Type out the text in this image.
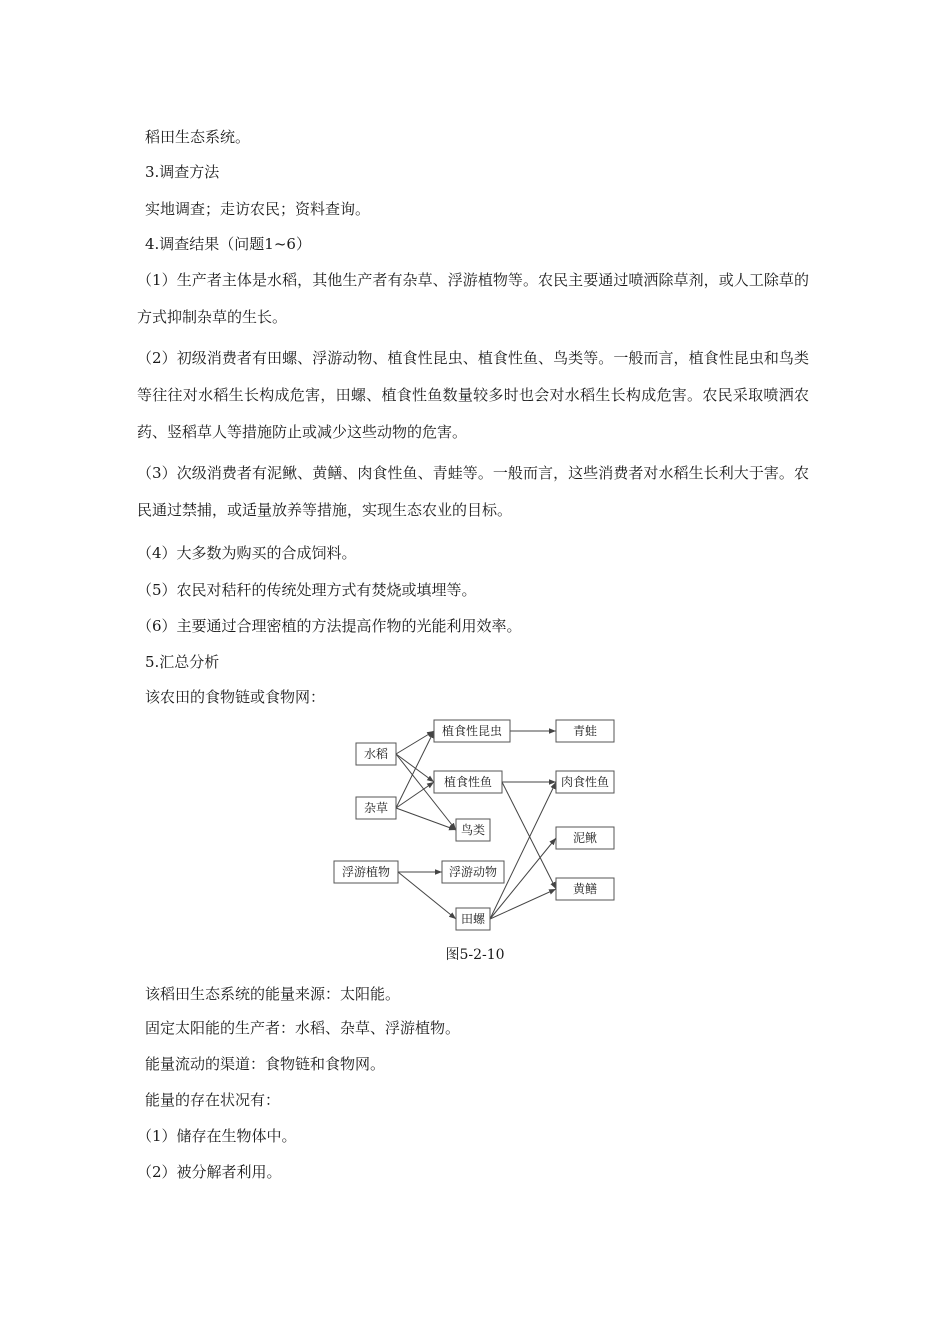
稻田生态系统。
3.调查方法
实地调查；走访农民；资料查询。
4.调查结果（问题1~6）
（1）生产者主体是水稻，其他生产者有杂草、浮游植物等。农民主要通过喷洒除草剂，或人工除草的方式抑制杂草的生长。
（2）初级消费者有田螺、浮游动物、植食性昆虫、植食性鱼、鸟类等。一般而言，植食性昆虫和鸟类等往往对水稻生长构成危害，田螺、植食性鱼数量较多时也会对水稻生长构成危害。农民采取喷洒农药、竖稻草人等措施防止或减少这些动物的危害。
（3）次级消费者有泥鳅、黄鳝、肉食性鱼、青蛙等。一般而言，这些消费者对水稻生长利大于害。农民通过禁捕，或适量放养等措施，实现生态农业的目标。
（4）大多数为购买的合成饲料。
（5）农民对秸秆的传统处理方式有焚烧或填埋等。
（6）主要通过合理密植的方法提高作物的光能利用效率。
5.汇总分析
该农田的食物链或食物网：
水稻
杂草
浮游植物
植食性昆虫
植食性鱼
鸟类
浮游动物
田螺
青蛙
肉食性鱼
泥鳅
黄鳝
图5-2-10
该稻田生态系统的能量来源：太阳能。
固定太阳能的生产者：水稻、杂草、浮游植物。
能量流动的渠道：食物链和食物网。
能量的存在状况有：
（1）储存在生物体中。
（2）被分解者利用。
